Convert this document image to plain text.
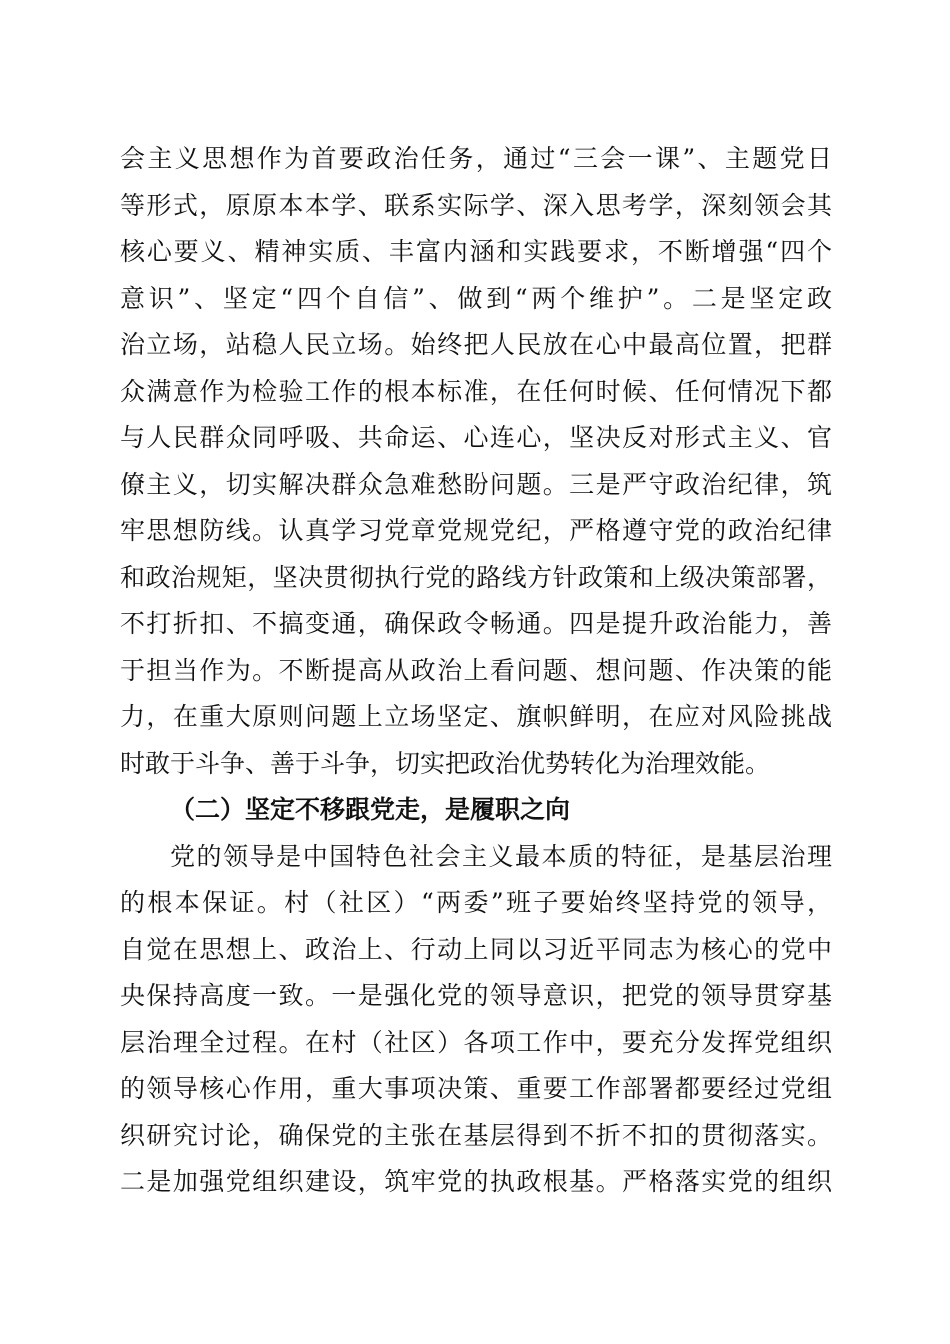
会主义思想作为首要政治任务，通过“三会一课”、主题党日
等形式，原原本本学、联系实际学、深入思考学，深刻领会其
核心要义、精神实质、丰富内涵和实践要求，不断增强“四个
意识”、坚定“四个自信”、做到“两个维护”。二是坚定政
治立场，站稳人民立场。始终把人民放在心中最高位置，把群
众满意作为检验工作的根本标准，在任何时候、任何情况下都
与人民群众同呼吸、共命运、心连心，坚决反对形式主义、官
僚主义，切实解决群众急难愁盼问题。三是严守政治纪律，筑
牢思想防线。认真学习党章党规党纪，严格遵守党的政治纪律
和政治规矩，坚决贯彻执行党的路线方针政策和上级决策部署，
不打折扣、不搞变通，确保政令畅通。四是提升政治能力，善
于担当作为。不断提高从政治上看问题、想问题、作决策的能
力，在重大原则问题上立场坚定、旗帜鲜明，在应对风险挑战
时敢于斗争、善于斗争，切实把政治优势转化为治理效能。
（二）坚定不移跟党走，是履职之向
党的领导是中国特色社会主义最本质的特征，是基层治理
的根本保证。村（社区）“两委”班子要始终坚持党的领导，
自觉在思想上、政治上、行动上同以习近平同志为核心的党中
央保持高度一致。一是强化党的领导意识，把党的领导贯穿基
层治理全过程。在村（社区）各项工作中，要充分发挥党组织
的领导核心作用，重大事项决策、重要工作部署都要经过党组
织研究讨论，确保党的主张在基层得到不折不扣的贯彻落实。
二是加强党组织建设，筑牢党的执政根基。严格落实党的组织
